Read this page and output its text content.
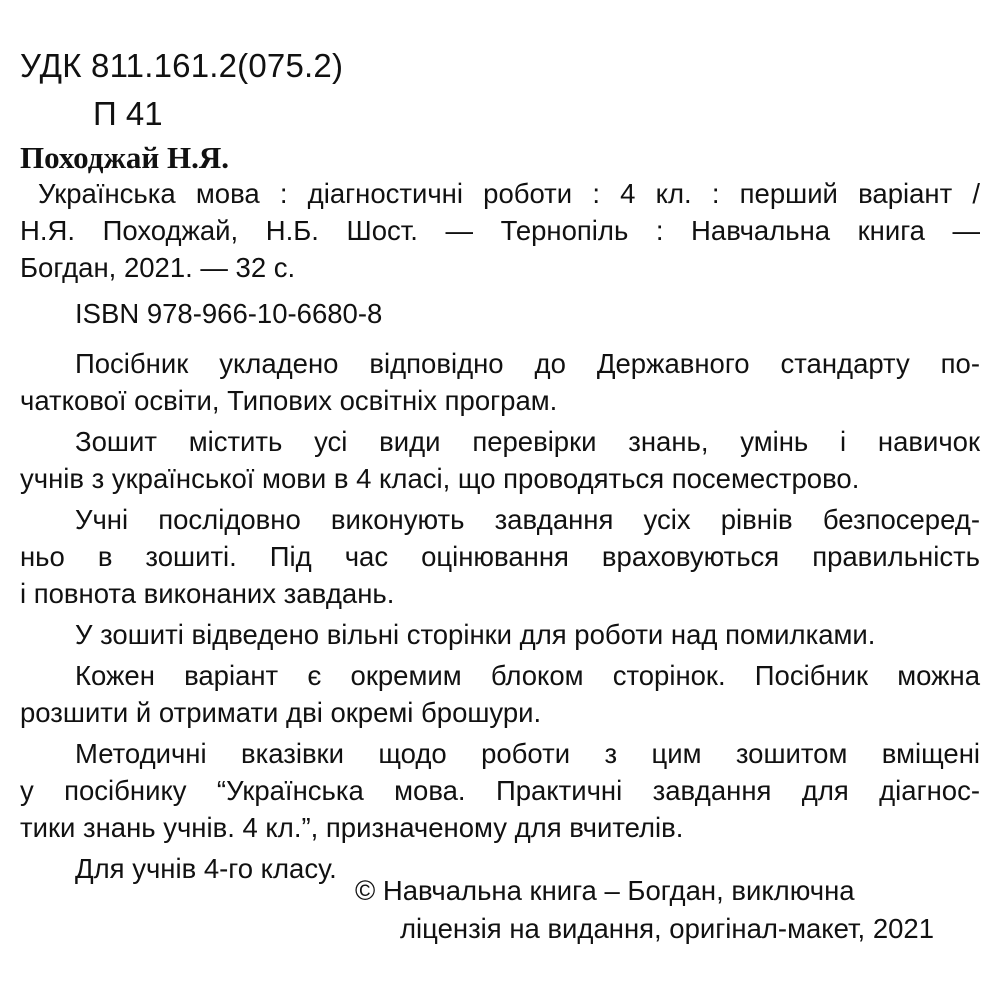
УДК 811.161.2(075.2)
П 41
Походжай Н.Я.
Українська мова : діагностичні роботи : 4 кл. : перший варіант /
Н.Я. Походжай, Н.Б. Шост. — Тернопіль : Навчальна книга —
Богдан, 2021. — 32 с.
ISBN 978-966-10-6680-8
Посібник укладено відповідно до Державного стандарту по-
чаткової освіти, Типових освітніх програм.
Зошит містить усі види перевірки знань, умінь і навичок
учнів з української мови в 4 класі, що проводяться посеместрово.
Учні послідовно виконують завдання усіх рівнів безпосеред-
ньо в зошиті. Під час оцінювання враховуються правильність
і повнота виконаних завдань.
У зошиті відведено вільні сторінки для роботи над помилками.
Кожен варіант є окремим блоком сторінок. Посібник можна
розшити й отримати дві окремі брошури.
Методичні вказівки щодо роботи з цим зошитом вміщені
у посібнику “Українська мова. Практичні завдання для діагнос-
тики знань учнів. 4 кл.”, призначеному для вчителів.
Для учнів 4-го класу.
© Навчальна книга – Богдан, виключна
ліцензія на видання, оригінал-макет, 2021
